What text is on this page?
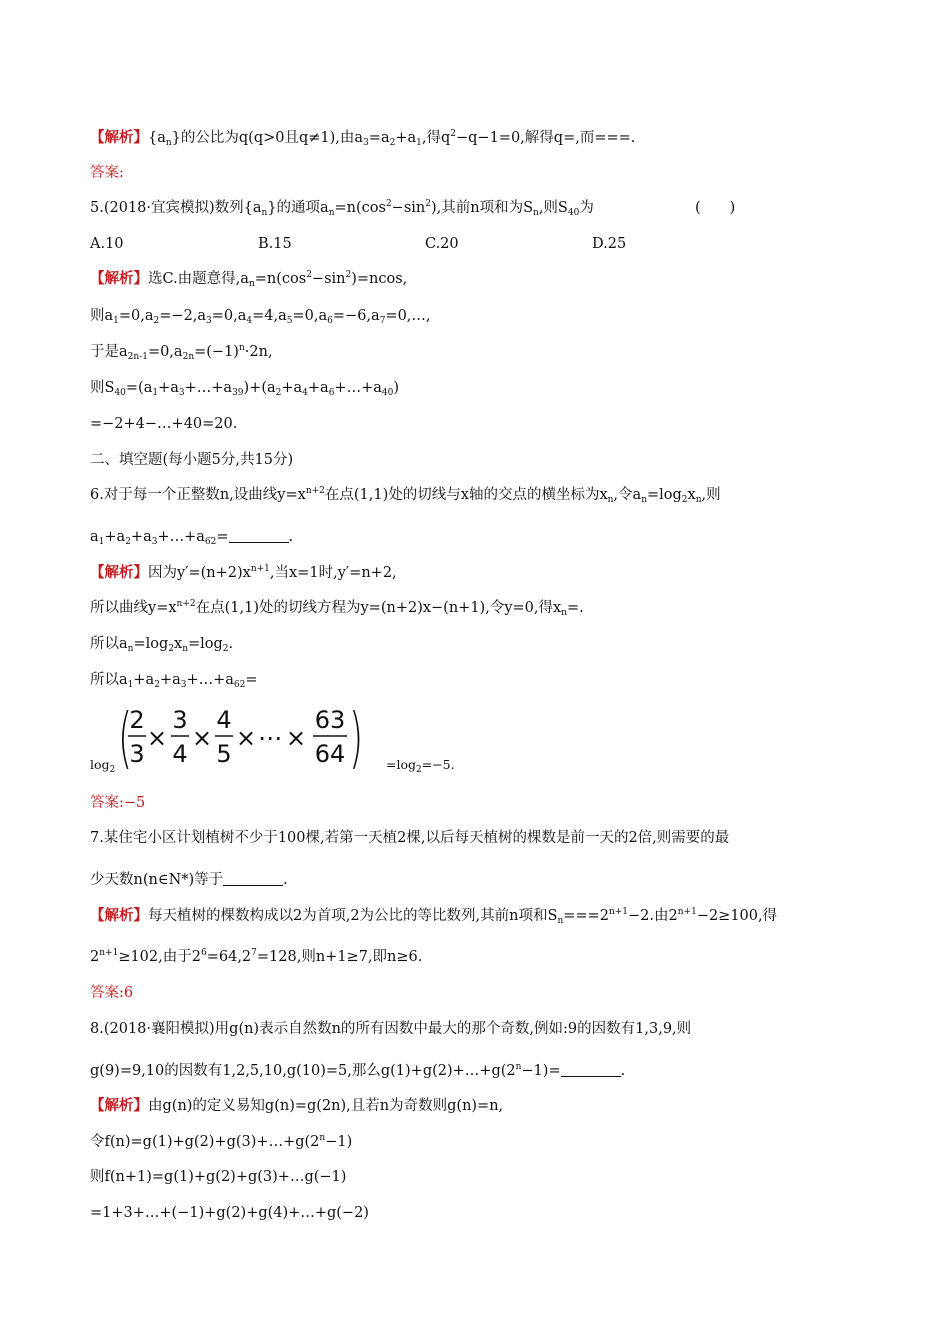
【解析】$\{a_n\}$的公比为q(q>0且q≠1),由$a_3=a_2+a_1$,得$q^2-q-1=0$,解得q=,而===.
答案:
5.(2018·宜宾模拟)数列$\{a_n\}$的通项$a_n=n(\cos^2-\sin^2)$,其前n项和为$S_n$,则$S_{40}$为	(　　)
A.10	B.15	C.20	D.25
【解析】选C.由题意得$,a_n=n(\cos^2-\sin^2)=ncos$,
则$a_1=0,a_2=-2,a_3=0,a_4=4,a_5=0,a_6=-6,a_7=0,\dots$,
于是$a_{2n-1}=0,a_{2n}=(-1)^n\cdot 2n$,
则$S_{40}=(a_1+a_3+\dots+a_{39})+(a_2+a_4+a_6+\dots+a_{40})$
=−2+4−…+40=20.
二、填空题(每小题5分,共15分)
6.对于每一个正整数n,设曲线$y=x^{n+2}$在点(1,1)处的切线与x轴的交点的横坐标为$x_n$,令$a_n=\log_2x_n$,则
$a_1+a_2+a_3+\dots+a_{62}=$	.
【解析】因为$y'=(n+2)x^{n+1}$,当x=1时,y′=n+2,
所以曲线$y=x^{n+2}$在点(1,1)处的切线方程为y=(n+2)x−(n+1),令y=0,得$x_n=$.
所以$a_n=\log_2x_n=\log_2$.
所以$a_1+a_2+a_3+\dots+a_{62}=$
$\log_2$ (
2
3
×
3
4
×
4
5
× ⋯ ×
63
64 ) $=\log_2=-5$.
答案:−5
7.某住宅小区计划植树不少于100棵,若第一天植2棵,以后每天植树的棵数是前一天的2倍,则需要的最
少天数n(n∈N*)等于	.
【解析】每天植树的棵数构成以2为首项,2为公比的等比数列,其前n项和$S_n===2^{n+1}-2$.由$2^{n+1}-2\ge 100$,得
$2^{n+1}\ge 102$,由于$2^6=64,2^7=128$,则n+1≥7,即n≥6.
答案:6
8.(2018·襄阳模拟)用g(n)表示自然数n的所有因数中最大的那个奇数,例如:9的因数有1,3,9,则
g(9)=9,10的因数有1,2,5,10,g(10)=5,那么$g(1)+g(2)+\dots+g(2^n-1)=$	.
【解析】由g(n)的定义易知g(n)=g(2n),且若n为奇数则g(n)=n,
令$f(n)=g(1)+g(2)+g(3)+\dots+g(2^n-1)$
则f(n+1)=g(1)+g(2)+g(3)+…g(−1)
=1+3+…+(−1)+g(2)+g(4)+…+g(−2)
